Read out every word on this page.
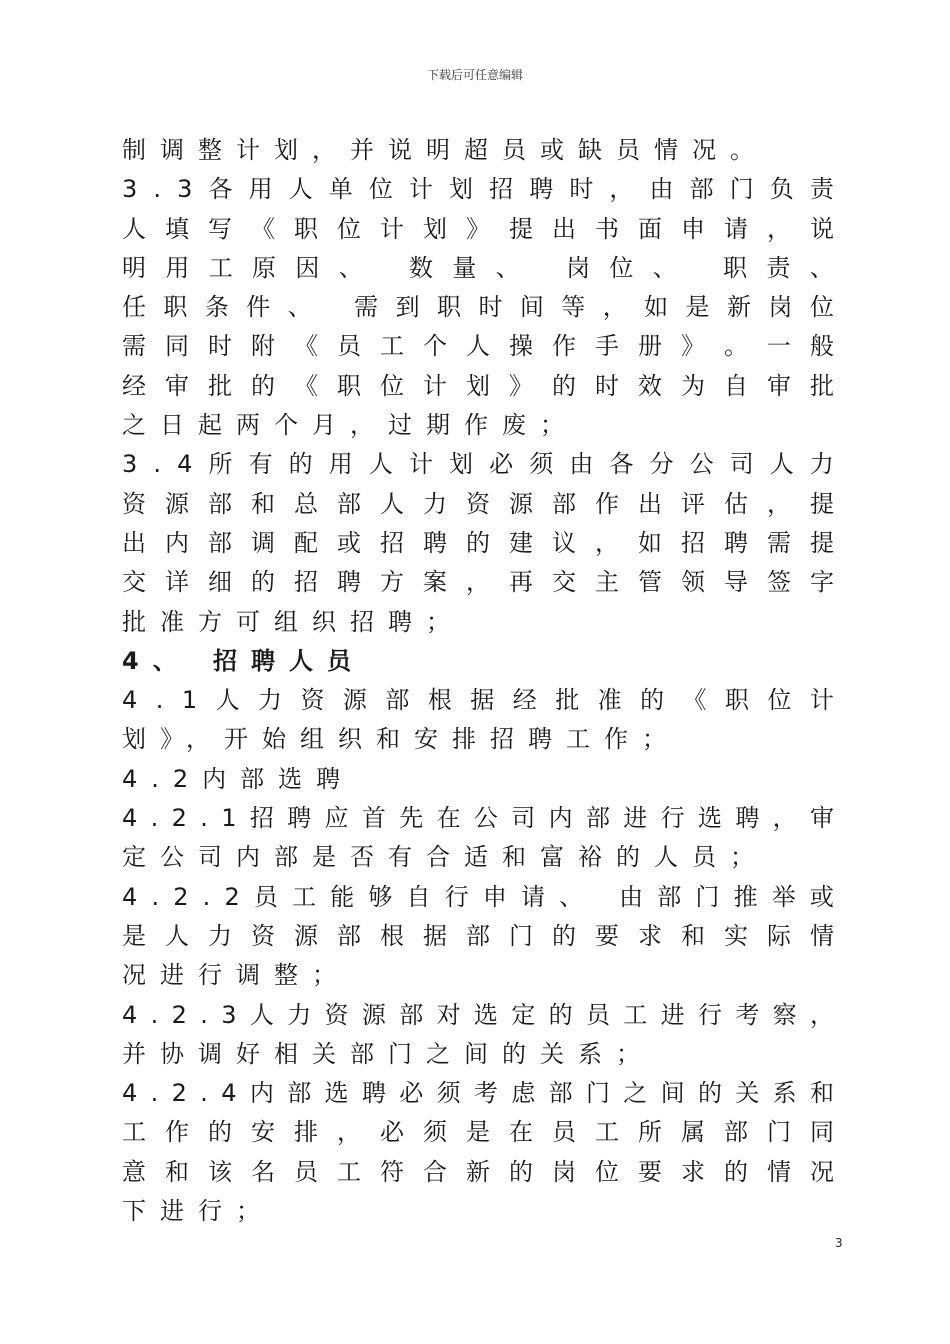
下载后可任意编辑
制调整计划，并说明超员或缺员情况。
3 . 3 各 用 人 单 位 计 划 招 聘 时 ， 由 部 门 负 责
人 填 写 《 职 位 计 划 》 提 出 书 面 申 请 ， 说
明 用 工 原 因 、
数 量 、
岗 位 、
职 责 、
任 职 条 件 、
需 到 职 时 间 等 ， 如 是 新 岗 位
需 同 时 附 《 员 工 个 人 操 作 手 册 》 。 一 般
经 审 批 的 《 职 位 计 划 》 的 时 效 为 自 审 批
之日起两个月，过期作废；
3 . 4 所 有 的 用 人 计 划 必 须 由 各 分 公 司 人 力
资 源 部 和 总 部 人 力 资 源 部 作 出 评 估 ， 提
出 内 部 调 配 或 招 聘 的 建 议 ， 如 招 聘 需 提
交 详 细 的 招 聘 方 案 ， 再 交 主 管 领 导 签 字
批准方可组织招聘；
4、 招聘人员
4 . 1 人 力 资 源 部 根 据 经 批 准 的 《 职 位 计
划》，开始组织和安排招聘工作；
4.2内部选聘
4 . 2 . 1 招 聘 应 首 先 在 公 司 内 部 进 行 选 聘 ， 审
定公司内部是否有合适和富裕的人员；
4 . 2 . 2 员 工 能 够 自 行 申 请 、
由 部 门 推 举 或
是 人 力 资 源 部 根 据 部 门 的 要 求 和 实 际 情
况进行调整；
4 . 2 . 3 人 力 资 源 部 对 选 定 的 员 工 进 行 考 察 ，
并协调好相关部门之间的关系；
4 . 2 . 4 内 部 选 聘 必 须 考 虑 部 门 之 间 的 关 系 和
工 作 的 安 排 ， 必 须 是 在 员 工 所 属 部 门 同
意 和 该 名 员 工 符 合 新 的 岗 位 要 求 的 情 况
下进行；
3
